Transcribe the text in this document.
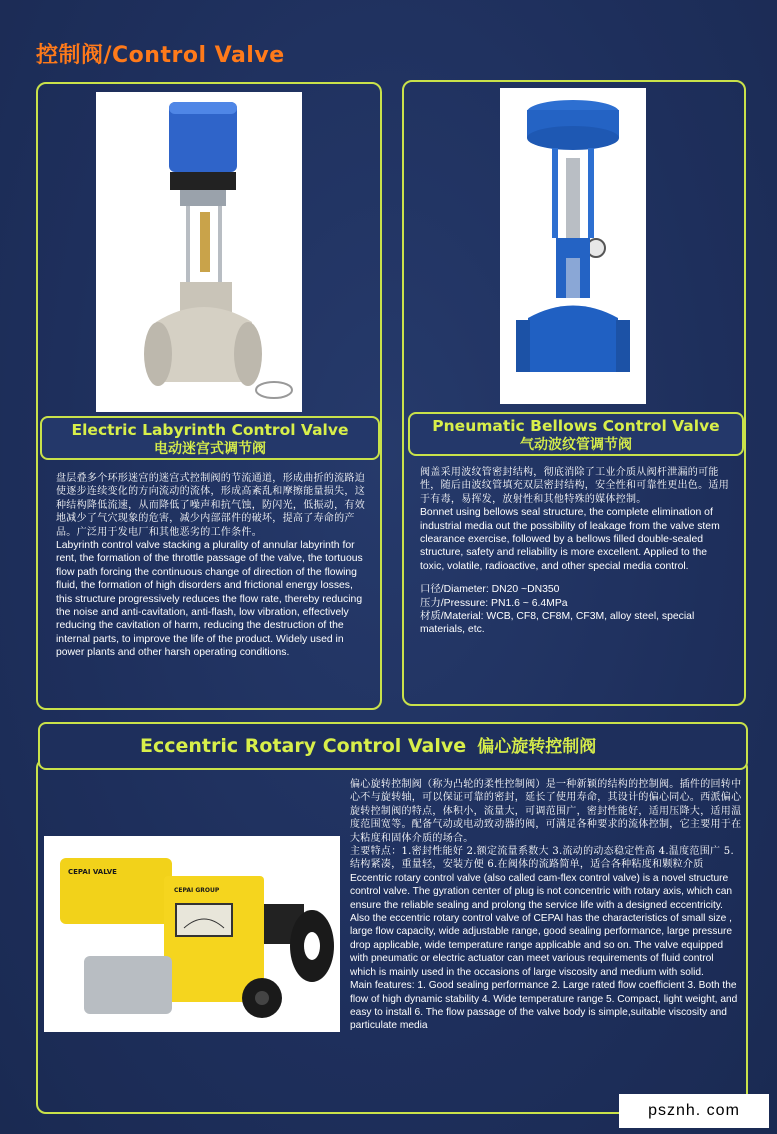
控制阀/Control Valve
Electric Labyrinth Control Valve
电动迷宫式调节阀

盘层叠多个环形迷宫的迷宫式控制阀的节流通道，形成曲折的流路迫使逐步连续变化的方向流动的流体，形成高紊乱和摩擦能量损失，这种结构降低流速，从而降低了噪声和抗气蚀，防闪光，低振动，有效地减少了气穴现象的危害，减少内部部件的破坏，提高了寿命的产品。广泛用于发电厂和其他恶劣的工作条件。

Labyrinth control valve stacking a plurality of annular labyrinth for rent, the formation of the throttle passage of the valve, the tortuous flow path forcing the continuous change of direction of the flowing fluid, the formation of high disorders and frictional energy losses, this structure progressively reduces the flow rate, thereby reducing the noise and anti-cavitation, anti-flash, low vibration, effectively reducing the cavitation of harm, reducing the destruction of the internal parts, to improve the life of the product. Widely used in power plants and other harsh operating conditions.

Pneumatic Bellows Control Valve
气动波纹管调节阀

阀盖采用波纹管密封结构，彻底消除了工业介质从阀杆泄漏的可能性，随后由波纹管填充双层密封结构，安全性和可靠性更出色。适用于有毒，易挥发，放射性和其他特殊的媒体控制。

Bonnet using bellows seal structure, the complete elimination of industrial media out the possibility of leakage from the valve stem clearance exercise, followed by a bellows filled double-sealed structure, safety and reliability is more excellent. Applied to the toxic, volatile, radioactive, and other special media control.

口径/Diameter: DN20 ~DN350

压力/Pressure: PN1.6 ~ 6.4MPa

材质/Material: WCB, CF8, CF8M, CF3M, alloy steel, special materials, etc.

Eccentric Rotary Control Valve 偏心旋转控制阀
CEPAI VALVE
CEPAI GROUP

偏心旋转控制阀（称为凸轮的柔性控制阀）是一种新颖的结构的控制阀。插件的回转中心不与旋转轴，可以保证可靠的密封，延长了使用寿命，其设计的偏心同心。西派偏心旋转控制阀的特点，体积小，流量大，可调范围广，密封性能好，适用压降大，适用温度范围宽等。配备气动或电动致动器的阀，可满足各种要求的流体控制，它主要用于在大粘度和固体介质的场合。

主要特点：1.密封性能好 2.额定流量系数大 3.流动的动态稳定性高 4.温度范围广 5.结构紧凑，重量轻，安装方便 6.在阀体的流路简单，适合各种粘度和颗粒介质

Eccentric rotary control valve (also called cam-flex control valve) is a novel structure control valve. The gyration center of plug is not concentric with rotary axis, which can ensure the reliable sealing and prolong the service life with a designed eccentricity. Also the eccentric rotary control valve of CEPAI has the characteristics of small size , large flow capacity, wide adjustable range, good sealing performance, large pressure drop applicable, wide temperature range applicable and so on. The valve equipped with pneumatic or electric actuator can meet various requirements of fluid control which is mainly used in the occasions of large viscosity and medium with solid.

Main features: 1. Good sealing performance 2. Large rated flow coefficient 3. Both the flow of high dynamic stability 4. Wide temperature range 5. Compact, light weight, and easy to install 6. The flow passage of the valve body is simple,suitable viscosity and particulate media

psznh. com
